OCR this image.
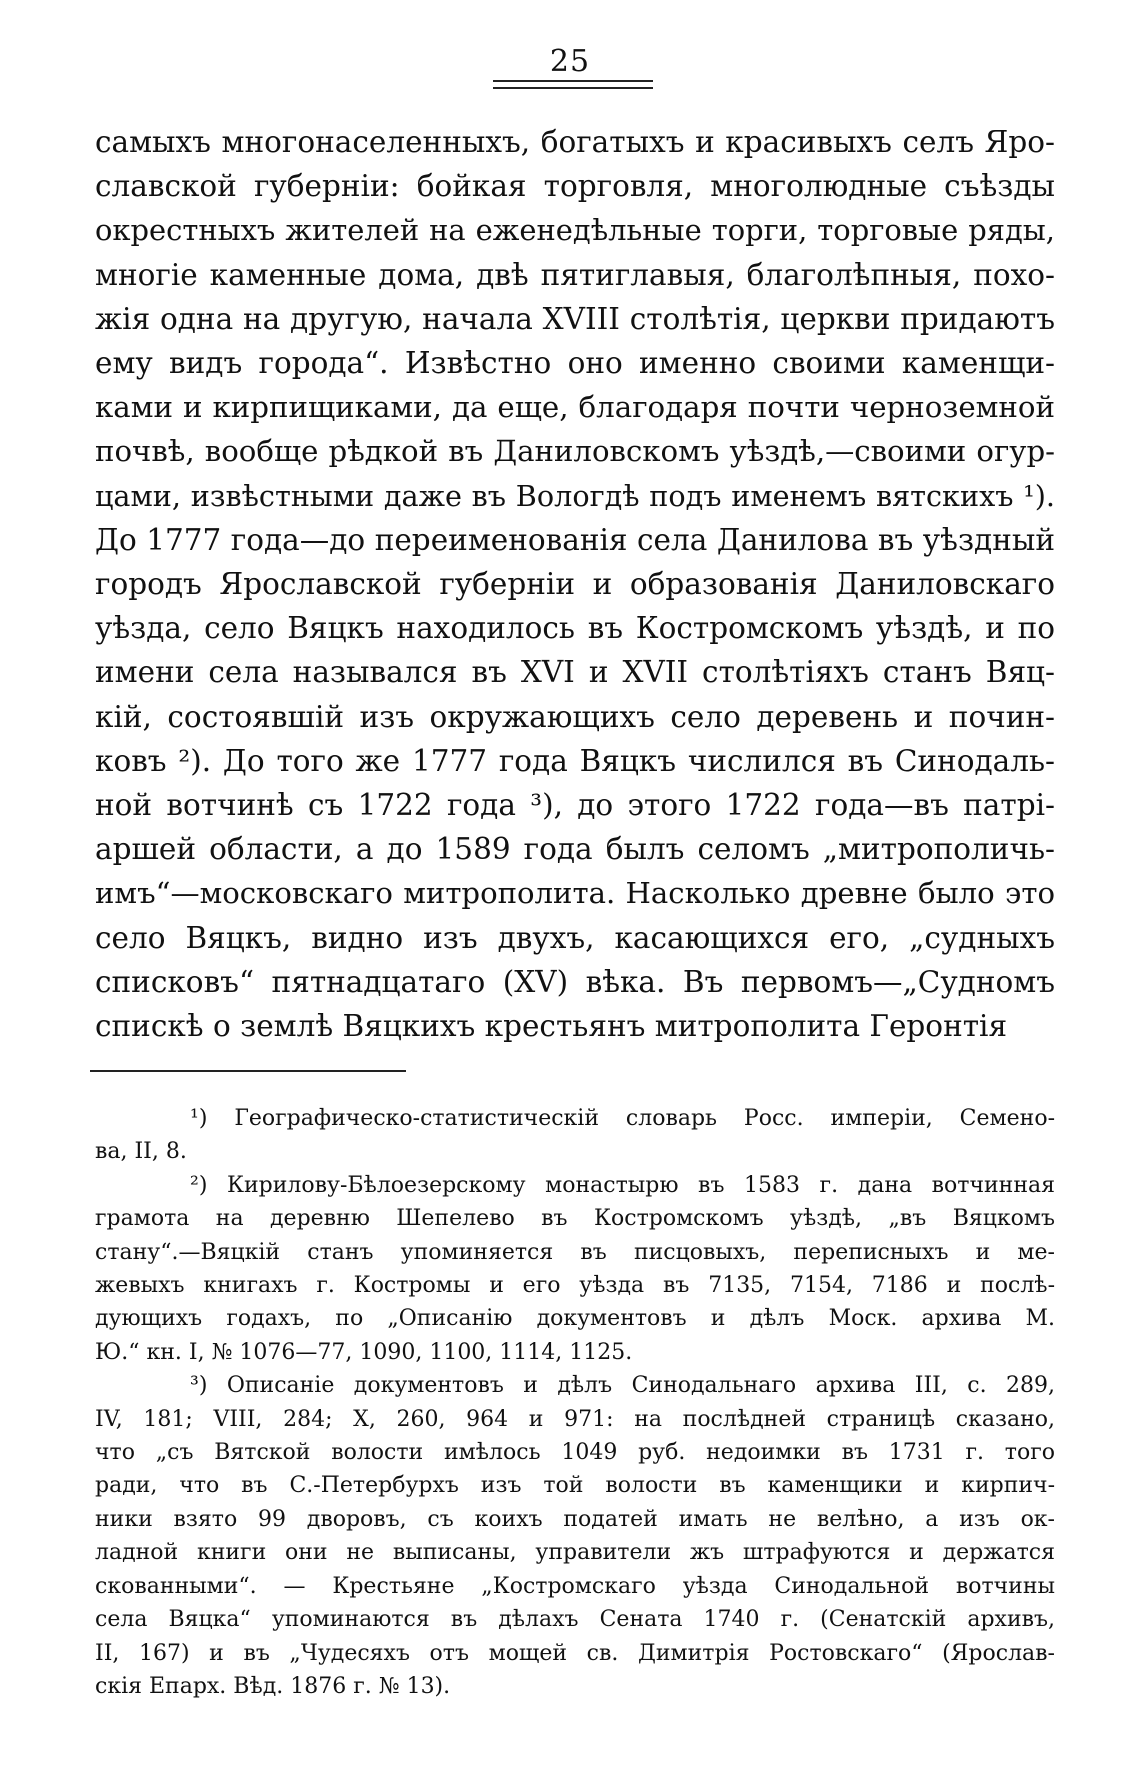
25
самыхъ многонаселенныхъ, богатыхъ и красивыхъ селъ Яро-
славской губерніи: бойкая торговля, многолюдные съѣзды
окрестныхъ жителей на еженедѣльные торги, торговые ряды,
многіе каменные дома, двѣ пятиглавыя, благолѣпныя, похо-
жія одна на другую, начала XVIII столѣтія, церкви придаютъ
ему видъ города“. Извѣстно оно именно своими каменщи-
ками и кирпищиками, да еще, благодаря почти черноземной
почвѣ, вообще рѣдкой въ Даниловскомъ уѣздѣ,—своими огур-
цами, извѣстными даже въ Вологдѣ подъ именемъ вятскихъ ¹).
До 1777 года—до переименованія села Данилова въ уѣздный
городъ Ярославской губерніи и образованія Даниловскаго
уѣзда, село Вяцкъ находилось въ Костромскомъ уѣздѣ, и по
имени села назывался въ XVI и XVII столѣтіяхъ станъ Вяц-
кій, состоявшій изъ окружающихъ село деревень и почин-
ковъ ²). До того же 1777 года Вяцкъ числился въ Синодаль-
ной вотчинѣ съ 1722 года ³), до этого 1722 года—въ патрі-
аршей области, а до 1589 года былъ селомъ „митрополичь-
имъ“—московскаго митрополита. Насколько древне было это
село Вяцкъ, видно изъ двухъ, касающихся его, „судныхъ
списковъ“ пятнадцатаго (XV) вѣка. Въ первомъ—„Судномъ
спискѣ о землѣ Вяцкихъ крестьянъ митрополита Геронтія
¹) Географическо-статистическій словарь Росс. имперіи, Семено-
ва, II, 8.
²) Кирилову-Бѣлоезерскому монастырю въ 1583 г. дана вотчинная
грамота на деревню Шепелево въ Костромскомъ уѣздѣ, „въ Вяцкомъ
стану“.—Вяцкій станъ упоминяется въ писцовыхъ, переписныхъ и ме-
жевыхъ книгахъ г. Костромы и его уѣзда въ 7135, 7154, 7186 и послѣ-
дующихъ годахъ, по „Описанію документовъ и дѣлъ Моск. архива М.
Ю.“ кн. I, № 1076—77, 1090, 1100, 1114, 1125.
³) Описаніе документовъ и дѣлъ Синодальнаго архива III, с. 289,
IV, 181; VIII, 284; X, 260, 964 и 971: на послѣдней страницѣ сказано,
что „съ Вятской волости имѣлось 1049 руб. недоимки въ 1731 г. того
ради, что въ С.-Петербурхъ изъ той волости въ каменщики и кирпич-
ники взято 99 дворовъ, съ коихъ податей имать не велѣно, а изъ ок-
ладной книги они не выписаны, управители жъ штрафуются и держатся
скованными“. — Крестьяне „Костромскаго уѣзда Синодальной вотчины
села Вяцка“ упоминаются въ дѣлахъ Сената 1740 г. (Сенатскій архивъ,
II, 167) и въ „Чудесяхъ отъ мощей св. Димитрія Ростовскаго“ (Ярослав-
скія Епарх. Вѣд. 1876 г. № 13).
